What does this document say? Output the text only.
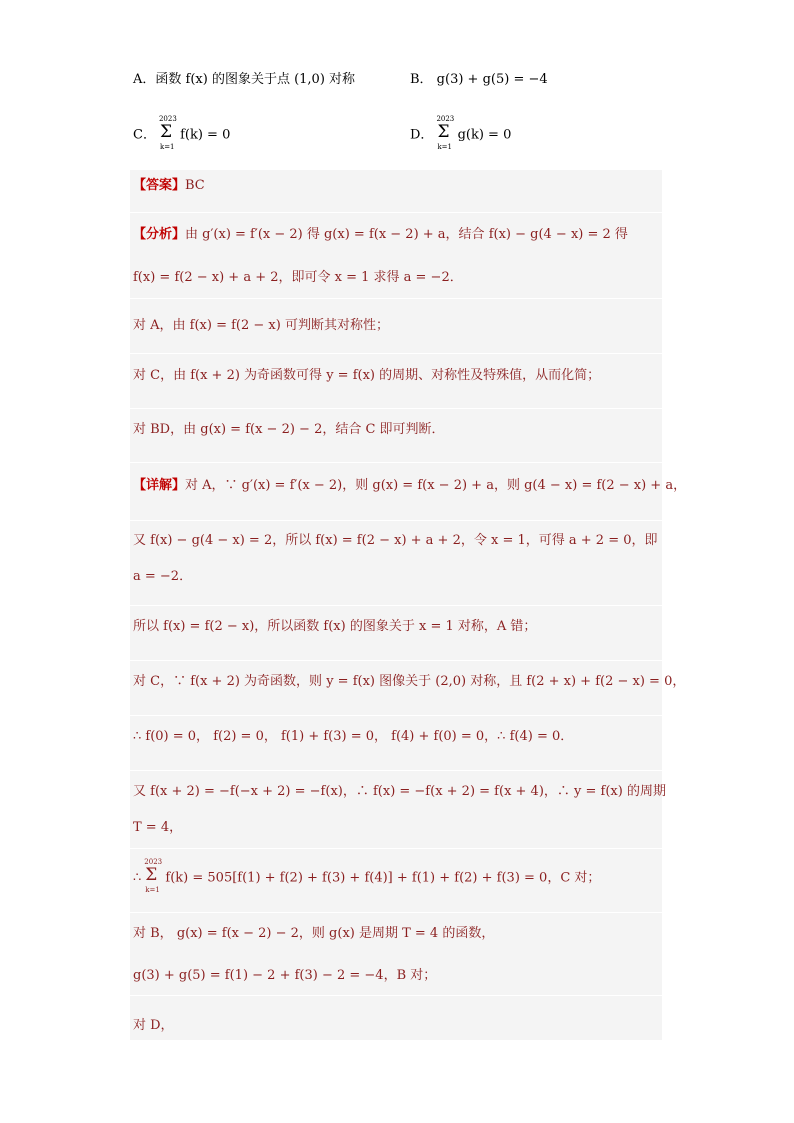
A．函数 f(x) 的图象关于点 (1,0) 对称	B． g(3) + g(5) = −4
C．
2023
Σ
k=1
f(k) = 0	D．
2023
Σ
k=1
g(k) = 0
【答案】BC
【分析】由 g′(x) = f′(x − 2) 得 g(x) = f(x − 2) + a，结合 f(x) − g(4 − x) = 2 得
f(x) = f(2 − x) + a + 2，即可令 x = 1 求得 a = −2．
对 A，由 f(x) = f(2 − x) 可判断其对称性；
对 C，由 f(x + 2) 为奇函数可得 y = f(x) 的周期、对称性及特殊值，从而化简；
对 BD，由 g(x) = f(x − 2) − 2，结合 C 即可判断．
【详解】对 A，∵ g′(x) = f′(x − 2)，则 g(x) = f(x − 2) + a，则 g(4 − x) = f(2 − x) + a，
又 f(x) − g(4 − x) = 2，所以 f(x) = f(2 − x) + a + 2，令 x = 1，可得 a + 2 = 0，即
a = −2．
所以 f(x) = f(2 − x)，所以函数 f(x) 的图象关于 x = 1 对称，A 错；
对 C，∵ f(x + 2) 为奇函数，则 y = f(x) 图像关于 (2,0) 对称，且 f(2 + x) + f(2 − x) = 0，
∴ f(0) = 0， f(2) = 0， f(1) + f(3) = 0， f(4) + f(0) = 0，∴ f(4) = 0．
又 f(x + 2) = −f(−x + 2) = −f(x)，∴ f(x) = −f(x + 2) = f(x + 4)，∴ y = f(x) 的周期
T = 4，
∴
2023
Σ
k=1
f(k) = 505[f(1) + f(2) + f(3) + f(4)] + f(1) + f(2) + f(3) = 0，C 对；
对 B， g(x) = f(x − 2) − 2，则 g(x) 是周期 T = 4 的函数，
g(3) + g(5) = f(1) − 2 + f(3) − 2 = −4，B 对；
对 D，
